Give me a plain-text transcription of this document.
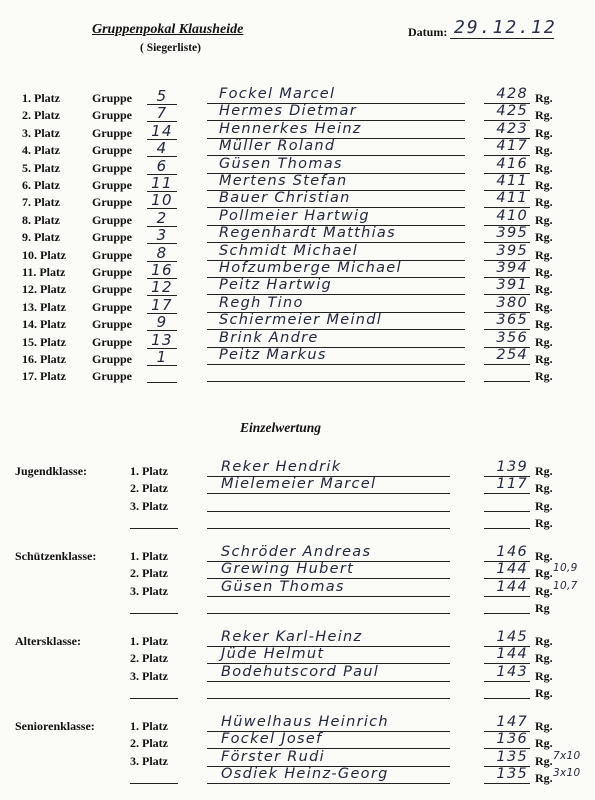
Gruppenpokal Klausheide
( Siegerliste)
Datum: 29.12.12
1. Platz	Gruppe	5	Fockel Marcel	428 Rg.
2. Platz	Gruppe	7	Hermes Dietmar	425 Rg.
3. Platz	Gruppe 14	Hennerkes Heinz	423 Rg.
4. Platz	Gruppe	4	Müller Roland	417 Rg.
5. Platz	Gruppe	6	Güsen Thomas	416 Rg.
6. Platz	Gruppe 11	Mertens Stefan	411 Rg.
7. Platz	Gruppe 10	Bauer Christian	411 Rg.
8. Platz	Gruppe	2	Pollmeier Hartwig	410 Rg.
9. Platz	Gruppe	3	Regenhardt Matthias	395 Rg.
10. Platz Gruppe	8	Schmidt Michael	395 Rg.
11. Platz Gruppe 16	Hofzumberge Michael	394 Rg.
12. Platz Gruppe 12	Peitz Hartwig	391 Rg.
13. Platz Gruppe 17	Regh Tino	380 Rg.
14. Platz Gruppe	9	Schiermeier Meindl	365 Rg.
15. Platz Gruppe 13	Brink Andre	356 Rg.
16. Platz Gruppe	1	Peitz Markus	254 Rg.
17. Platz Gruppe	Rg.
Einzelwertung
Jugendklasse:	1. Platz	Reker Hendrik	139 Rg.
2. Platz	Mielemeier Marcel	117 Rg.
3. Platz	Rg.
Rg.
Schützenklasse:	1. Platz	Schröder Andreas	146 Rg.
2. Platz	Grewing Hubert	144 Rg. 10,9
3. Platz	Güsen Thomas	144 Rg. 10,7
Rg
Altersklasse:	1. Platz	Reker Karl-Heinz	145 Rg.
2. Platz	Jüde Helmut	144 Rg.
3. Platz	Bodehutscord Paul	143 Rg.
Rg.
Seniorenklasse:	1. Platz	Hüwelhaus Heinrich	147 Rg.
2. Platz	Fockel Josef	136 Rg.
3. Platz	Förster Rudi	135 Rg. 7x10
Osdiek Heinz-Georg	135 Rg. 3x10
